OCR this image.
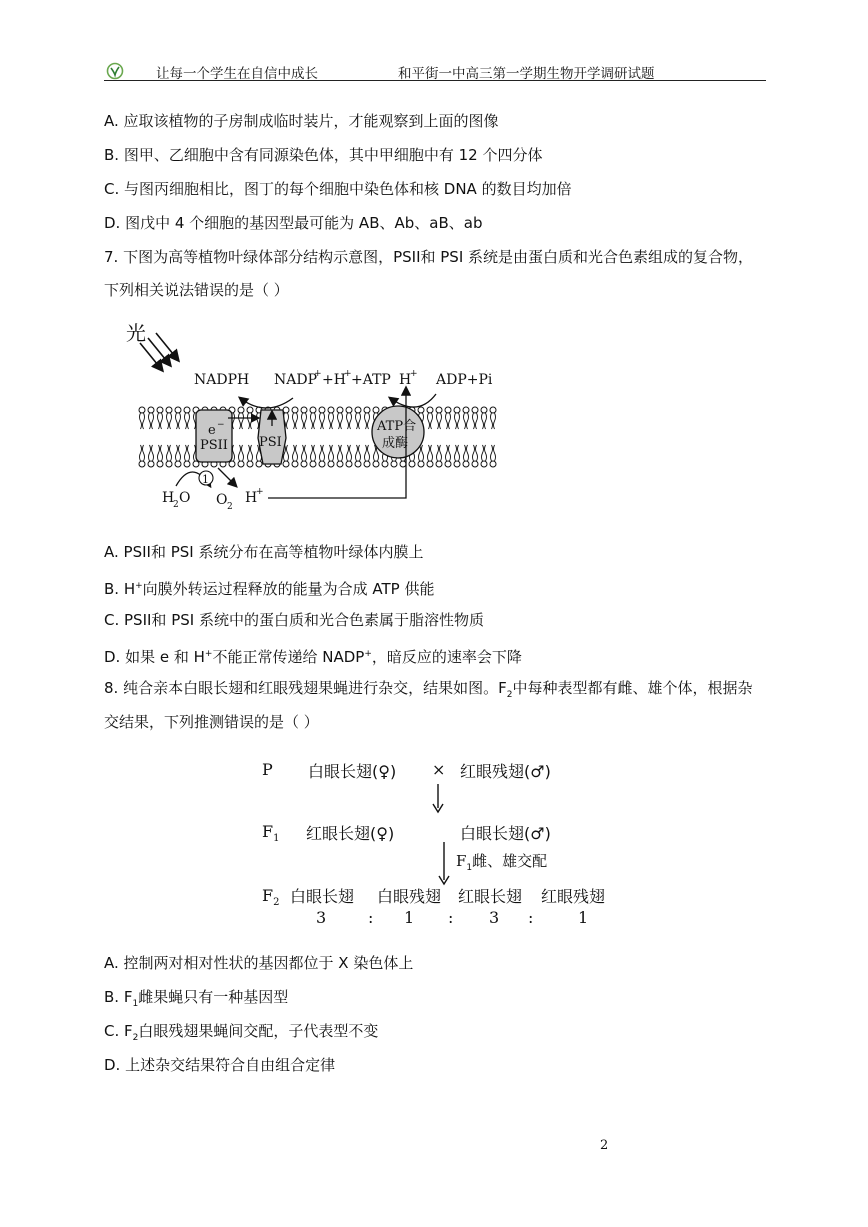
让每一个学生在自信中成长	和平街一中高三第一学期生物开学调研试题
A. 应取该植物的子房制成临时装片，才能观察到上面的图像
B. 图甲、乙细胞中含有同源染色体，其中甲细胞中有 12 个四分体
C. 与图丙细胞相比，图丁的每个细胞中染色体和核 DNA 的数目均加倍
D. 图戊中 4 个细胞的基因型最可能为 AB、Ab、aB、ab
7. 下图为高等植物叶绿体部分结构示意图，PSII和 PSI 系统是由蛋白质和光合色素组成的复合物，
下列相关说法错误的是（ ）
光
NADPH NADP
+ +H
+ +ATP H
+ ADP+Pi
e −
PSII PSI
ATP合
成酶
1
H
2 O O 2
H
+
A. PSII和 PSI 系统分布在高等植物叶绿体内膜上
B. H+向膜外转运过程释放的能量为合成 ATP 供能
C. PSII和 PSI 系统中的蛋白质和光合色素属于脂溶性物质
D. 如果 e 和 H+不能正常传递给 NADP+，暗反应的速率会下降
8. 纯合亲本白眼长翅和红眼残翅果蝇进行杂交，结果如图。$F_2$中每种表型都有雌、雄个体，根据杂
交结果，下列推测错误的是（ ）
P 白眼长翅(♀) × 红眼残翅(♂)
$F_1$ 红眼长翅(♀)	白眼长翅(♂)
$F_1$雌、雄交配
$F_2$ 白眼长翅 白眼残翅 红眼长翅 红眼残翅
3	: 1 : 3 :	1
A. 控制两对相对性状的基因都位于 X 染色体上
B. $F_1$雌果蝇只有一种基因型
C. $F_2$白眼残翅果蝇间交配，子代表型不变
D. 上述杂交结果符合自由组合定律
2
